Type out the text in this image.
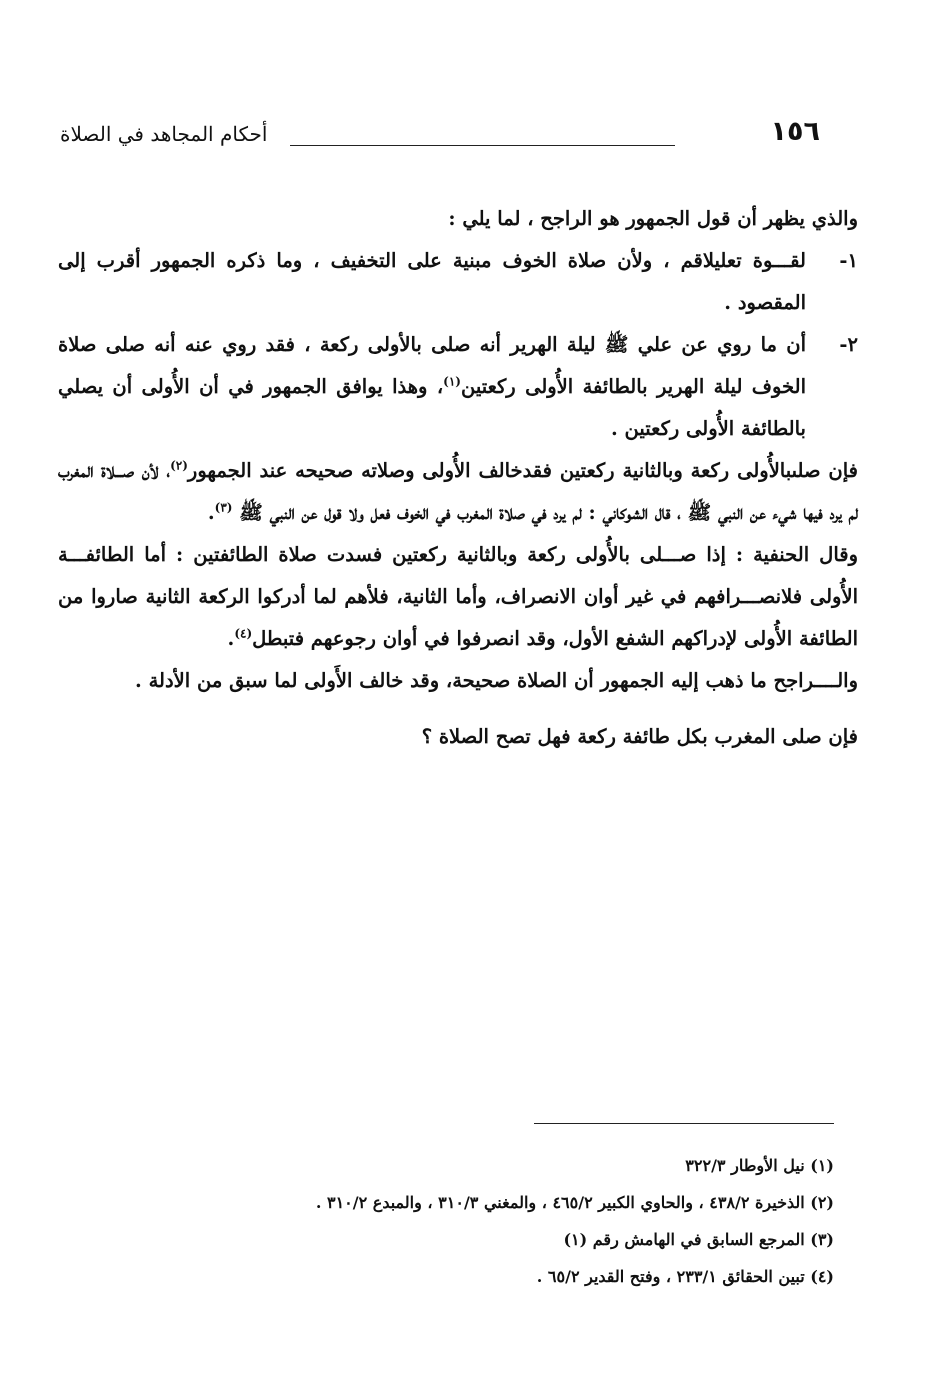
١٥٦
أحكام المجاهد في الصلاة

والذي يظهر أن قول الجمهور هو الراجح ، لما يلي :

١-
لقـــوة تعليلاقم ، ولأن صلاة الخوف مبنية على التخفيف ، وما ذكره الجمهور أقرب إلى المقصود .
٢-
أن ما روي عن علي ﷺ ليلة الهرير أنه صلى بالأولى ركعة ، فقد روي عنه أنه صلى صلاة الخوف ليلة الهرير بالطائفة الأُولى ركعتين$^{(١)}$، وهذا يوافق الجمهور في أن الأُولى أن يصلي بالطائفة الأُولى ركعتين .

فإن صلىبالأُولى ركعة وبالثانية ركعتين فقدخالف الأُولى وصلاته صحيحه عند الجمهور$^{(٢)}$، لأن صـــلاة المغرب لم يرد فيها شيء عن النبي ﷺ ، قال الشوكاني : لم يرد في صلاة المغرب في الخوف فعل ولا قول عن النبي ﷺ $^{(٣)}$.

وقال الحنفية : إذا صـــلى بالأُولى ركعة وبالثانية ركعتين فسدت صلاة الطائفتين : أما الطائفـــة الأُولى فلانصـــرافهم في غير أوان الانصراف، وأما الثانية، فلأهم لما أدركوا الركعة الثانية صاروا من الطائفة الأُولى لإدراكهم الشفع الأول، وقد انصرفوا في أوان رجوعهم فتبطل$^{(٤)}$.

والــــراجح ما ذهب إليه الجمهور أن الصلاة صحيحة، وقد خالف الأَولى لما سبق من الأدلة .

فإن صلى المغرب بكل طائفة ركعة فهل تصح الصلاة ؟

(١) نيل الأوطار ٣٢٢/٣
(٢) الذخيرة ٤٣٨/٢ ، والحاوي الكبير ٤٦٥/٢ ، والمغني ٣١٠/٣ ، والمبدع ٣١٠/٢ .
(٣) المرجع السابق في الهامش رقم (١)
(٤) تبين الحقائق ٢٣٣/١ ، وفتح القدير ٦٥/٢ .
